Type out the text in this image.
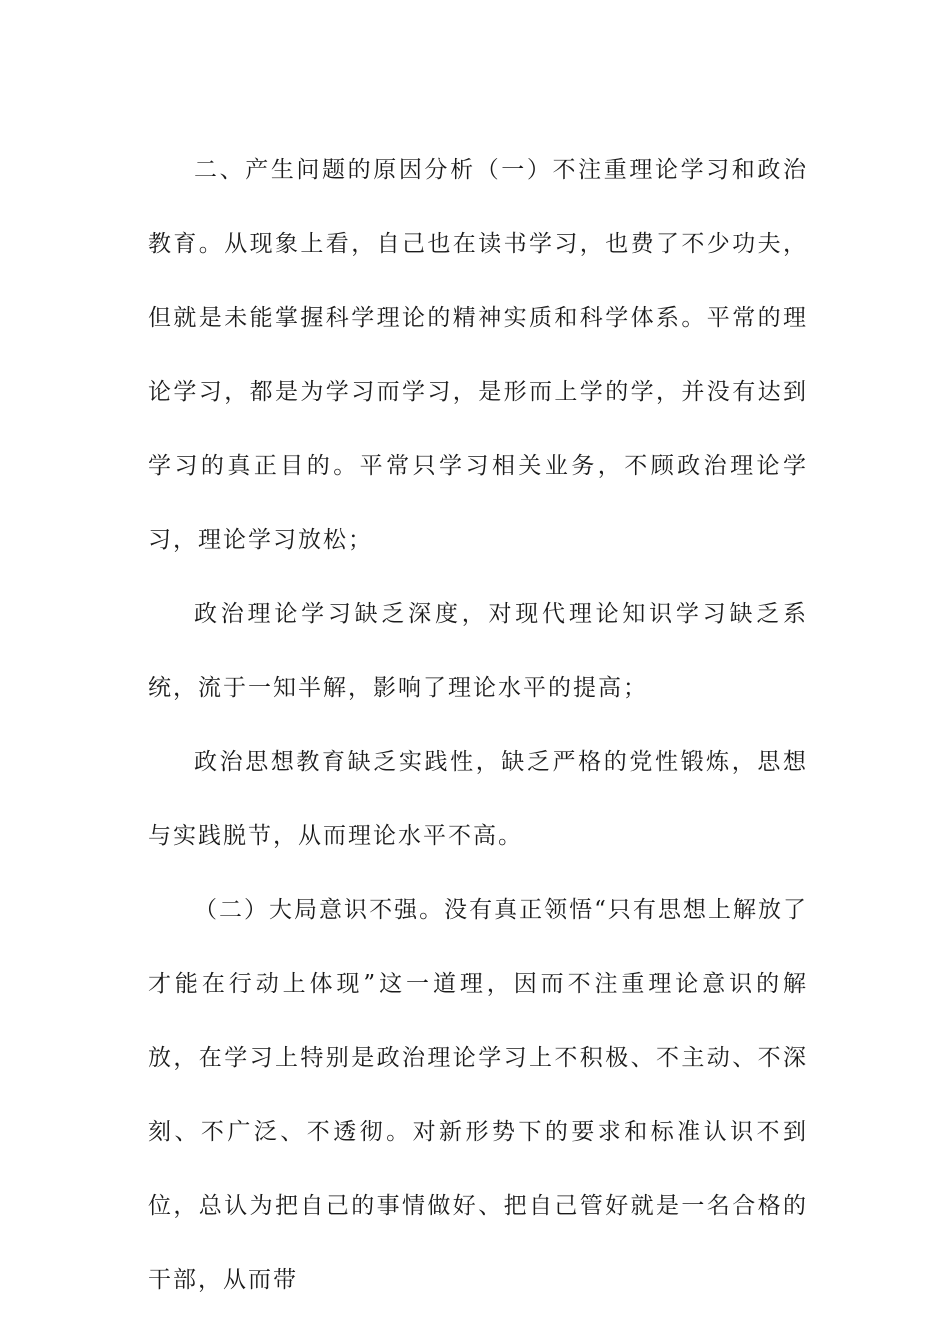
二、产生问题的原因分析（一）不注重理论学习和政治教育。从现象上看，自己也在读书学习，也费了不少功夫，但就是未能掌握科学理论的精神实质和科学体系。平常的理论学习，都是为学习而学习，是形而上学的学，并没有达到学习的真正目的。平常只学习相关业务，不顾政治理论学习，理论学习放松；

政治理论学习缺乏深度，对现代理论知识学习缺乏系统，流于一知半解，影响了理论水平的提高；

政治思想教育缺乏实践性，缺乏严格的党性锻炼，思想与实践脱节，从而理论水平不高。

（二）大局意识不强。没有真正领悟“只有思想上解放了才能在行动上体现”这一道理，因而不注重理论意识的解放，在学习上特别是政治理论学习上不积极、不主动、不深刻、不广泛、不透彻。对新形势下的要求和标准认识不到位，总认为把自己的事情做好、把自己管好就是一名合格的干部，从而带
